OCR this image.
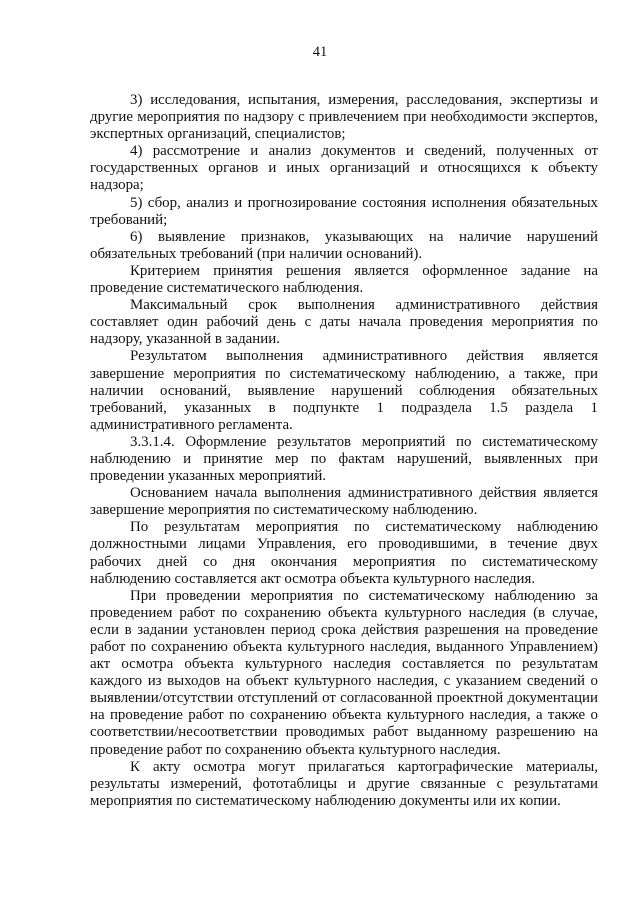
41

3) исследования, испытания, измерения, расследования, экспертизы и другие мероприятия по надзору с привлечением при необходимости экспертов, экспертных организаций, специалистов;

4) рассмотрение и анализ документов и сведений, полученных от государственных органов и иных организаций и относящихся к объекту надзора;

5) сбор, анализ и прогнозирование состояния исполнения обязательных требований;

6) выявление признаков, указывающих на наличие нарушений обязательных требований (при наличии оснований).

Критерием принятия решения является оформленное задание на проведение систематического наблюдения.

Максимальный срок выполнения административного действия составляет один рабочий день с даты начала проведения мероприятия по надзору, указанной в задании.

Результатом выполнения административного действия является завершение мероприятия по систематическому наблюдению, а также, при наличии оснований, выявление нарушений соблюдения обязательных требований, указанных в подпункте 1 подраздела 1.5 раздела 1 административного регламента.

3.3.1.4. Оформление результатов мероприятий по систематическому наблюдению и принятие мер по фактам нарушений, выявленных при проведении указанных мероприятий.

Основанием начала выполнения административного действия является завершение мероприятия по систематическому наблюдению.

По результатам мероприятия по систематическому наблюдению должностными лицами Управления, его проводившими, в течение двух рабочих дней со дня окончания мероприятия по систематическому наблюдению составляется акт осмотра объекта культурного наследия.

При проведении мероприятия по систематическому наблюдению за проведением работ по сохранению объекта культурного наследия (в случае, если в задании установлен период срока действия разрешения на проведение работ по сохранению объекта культурного наследия, выданного Управлением) акт осмотра объекта культурного наследия составляется по результатам каждого из выходов на объект культурного наследия, с указанием сведений о выявлении/отсутствии отступлений от согласованной проектной документации на проведение работ по сохранению объекта культурного наследия, а также о соответствии/несоответствии проводимых работ выданному разрешению на проведение работ по сохранению объекта культурного наследия.

К акту осмотра могут прилагаться картографические материалы, результаты измерений, фототаблицы и другие связанные с результатами мероприятия по систематическому наблюдению документы или их копии.
